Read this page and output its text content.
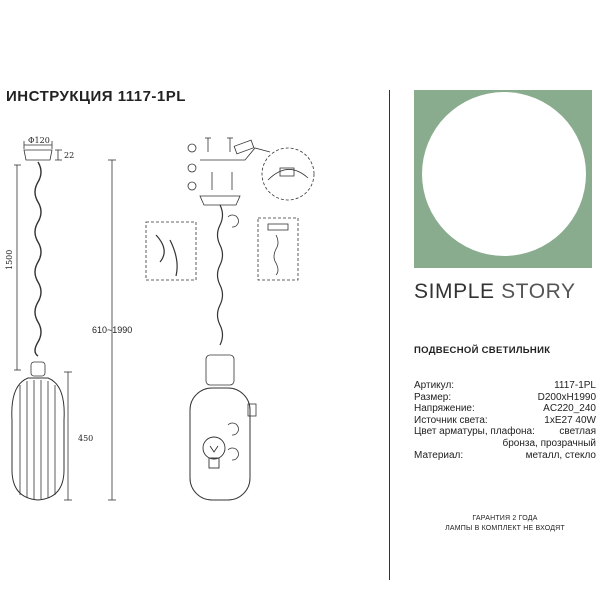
ИНСТРУКЦИЯ 1117-1PL
Φ120
22
1500
610~1990
450
SIMPLE STORY
ПОДВЕСНОЙ СВЕТИЛЬНИК
Артикул:	1117-1PL
Размер:	D200xH1990
Напряжение:	AC220_240
Источник света:	1xE27 40W
Цвет арматуры, плафона: светлая
бронза, прозрачный
Материал:	металл, стекло
ГАРАНТИЯ 2 ГОДА
ЛАМПЫ В КОМПЛЕКТ НЕ ВХОДЯТ
